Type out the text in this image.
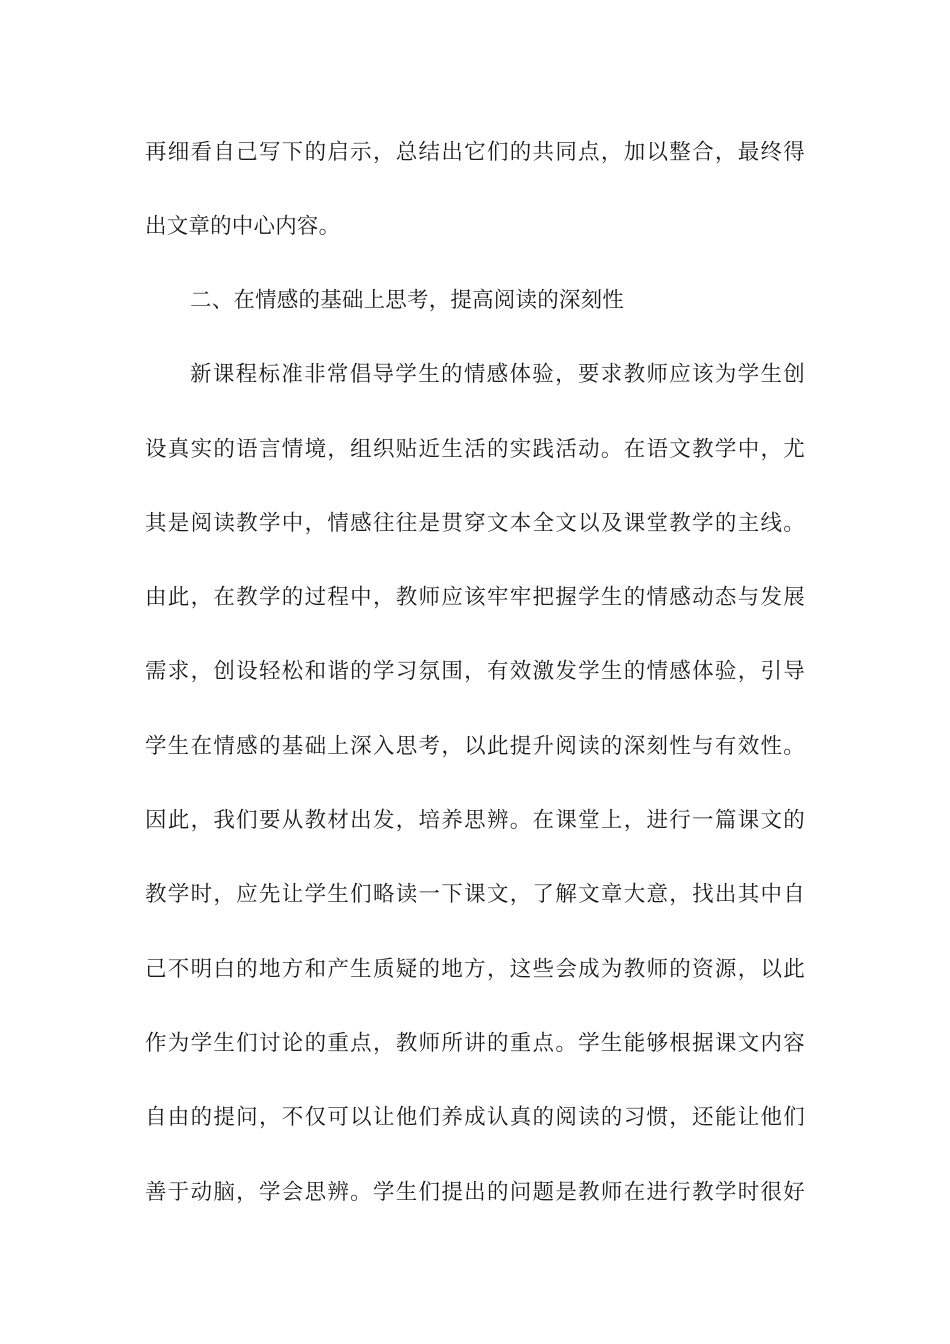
再细看自己写下的启示，总结出它们的共同点，加以整合，最终得
出文章的中心内容。
二、在情感的基础上思考，提高阅读的深刻性
新课程标准非常倡导学生的情感体验，要求教师应该为学生创
设真实的语言情境，组织贴近生活的实践活动。在语文教学中，尤
其是阅读教学中，情感往往是贯穿文本全文以及课堂教学的主线。
由此，在教学的过程中，教师应该牢牢把握学生的情感动态与发展
需求，创设轻松和谐的学习氛围，有效激发学生的情感体验，引导
学生在情感的基础上深入思考，以此提升阅读的深刻性与有效性。
因此，我们要从教材出发，培养思辨。在课堂上，进行一篇课文的
教学时，应先让学生们略读一下课文，了解文章大意，找出其中自
己不明白的地方和产生质疑的地方，这些会成为教师的资源，以此
作为学生们讨论的重点，教师所讲的重点。学生能够根据课文内容
自由的提问，不仅可以让他们养成认真的阅读的习惯，还能让他们
善于动脑，学会思辨。学生们提出的问题是教师在进行教学时很好
